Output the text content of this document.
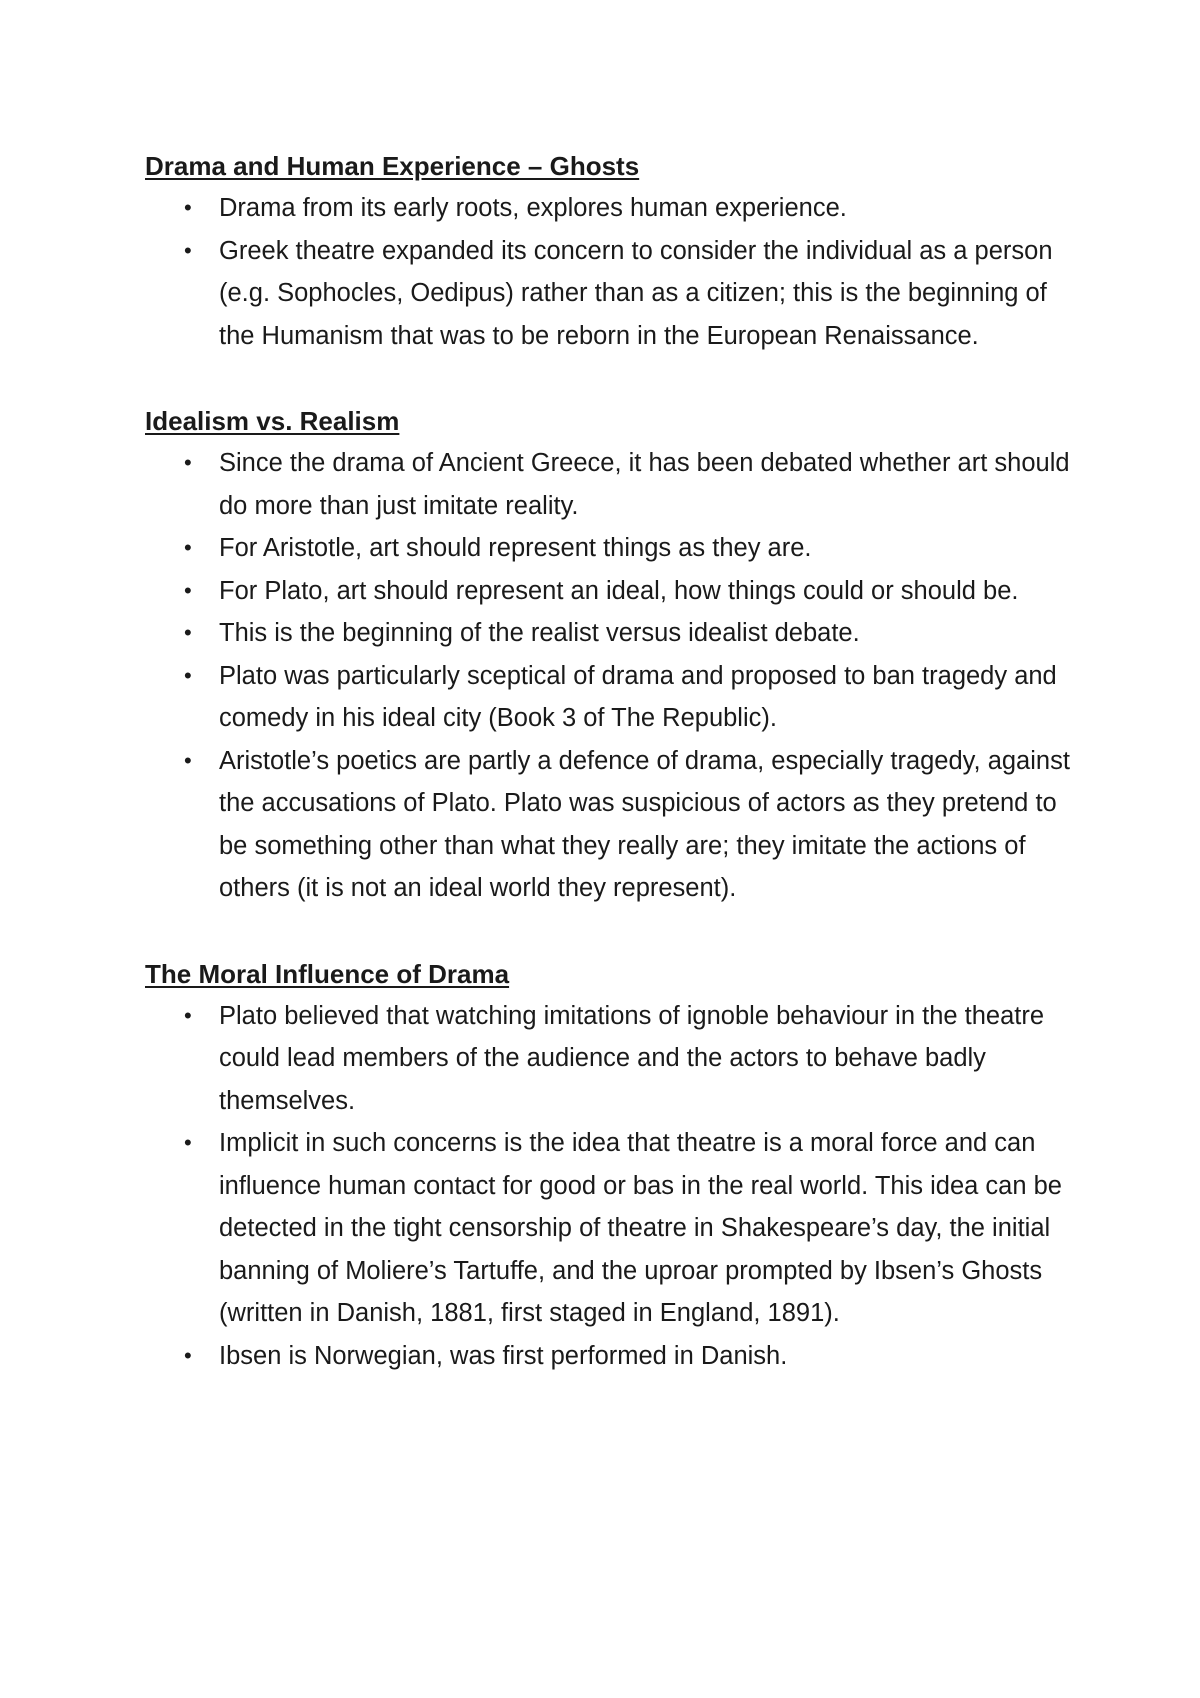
Drama and Human Experience – Ghosts
•	Drama from its early roots, explores human experience.
•	Greek theatre expanded its concern to consider the individual as a person (e.g. Sophocles, Oedipus) rather than as a citizen; this is the beginning of the Humanism that was to be reborn in the European Renaissance.
Idealism vs. Realism
•	Since the drama of Ancient Greece, it has been debated whether art should do more than just imitate reality.
•	For Aristotle, art should represent things as they are.
•	For Plato, art should represent an ideal, how things could or should be.
•	This is the beginning of the realist versus idealist debate.
•	Plato was particularly sceptical of drama and proposed to ban tragedy and comedy in his ideal city (Book 3 of The Republic).
•	Aristotle’s poetics are partly a defence of drama, especially tragedy, against the accusations of Plato. Plato was suspicious of actors as they pretend to be something other than what they really are; they imitate the actions of others (it is not an ideal world they represent).
The Moral Influence of Drama
•	Plato believed that watching imitations of ignoble behaviour in the theatre could lead members of the audience and the actors to behave badly themselves.
•	Implicit in such concerns is the idea that theatre is a moral force and can influence human contact for good or bas in the real world. This idea can be detected in the tight censorship of theatre in Shakespeare’s day, the initial banning of Moliere’s Tartuffe, and the uproar prompted by Ibsen’s Ghosts (written in Danish, 1881, first staged in England, 1891).
•	Ibsen is Norwegian, was first performed in Danish.
